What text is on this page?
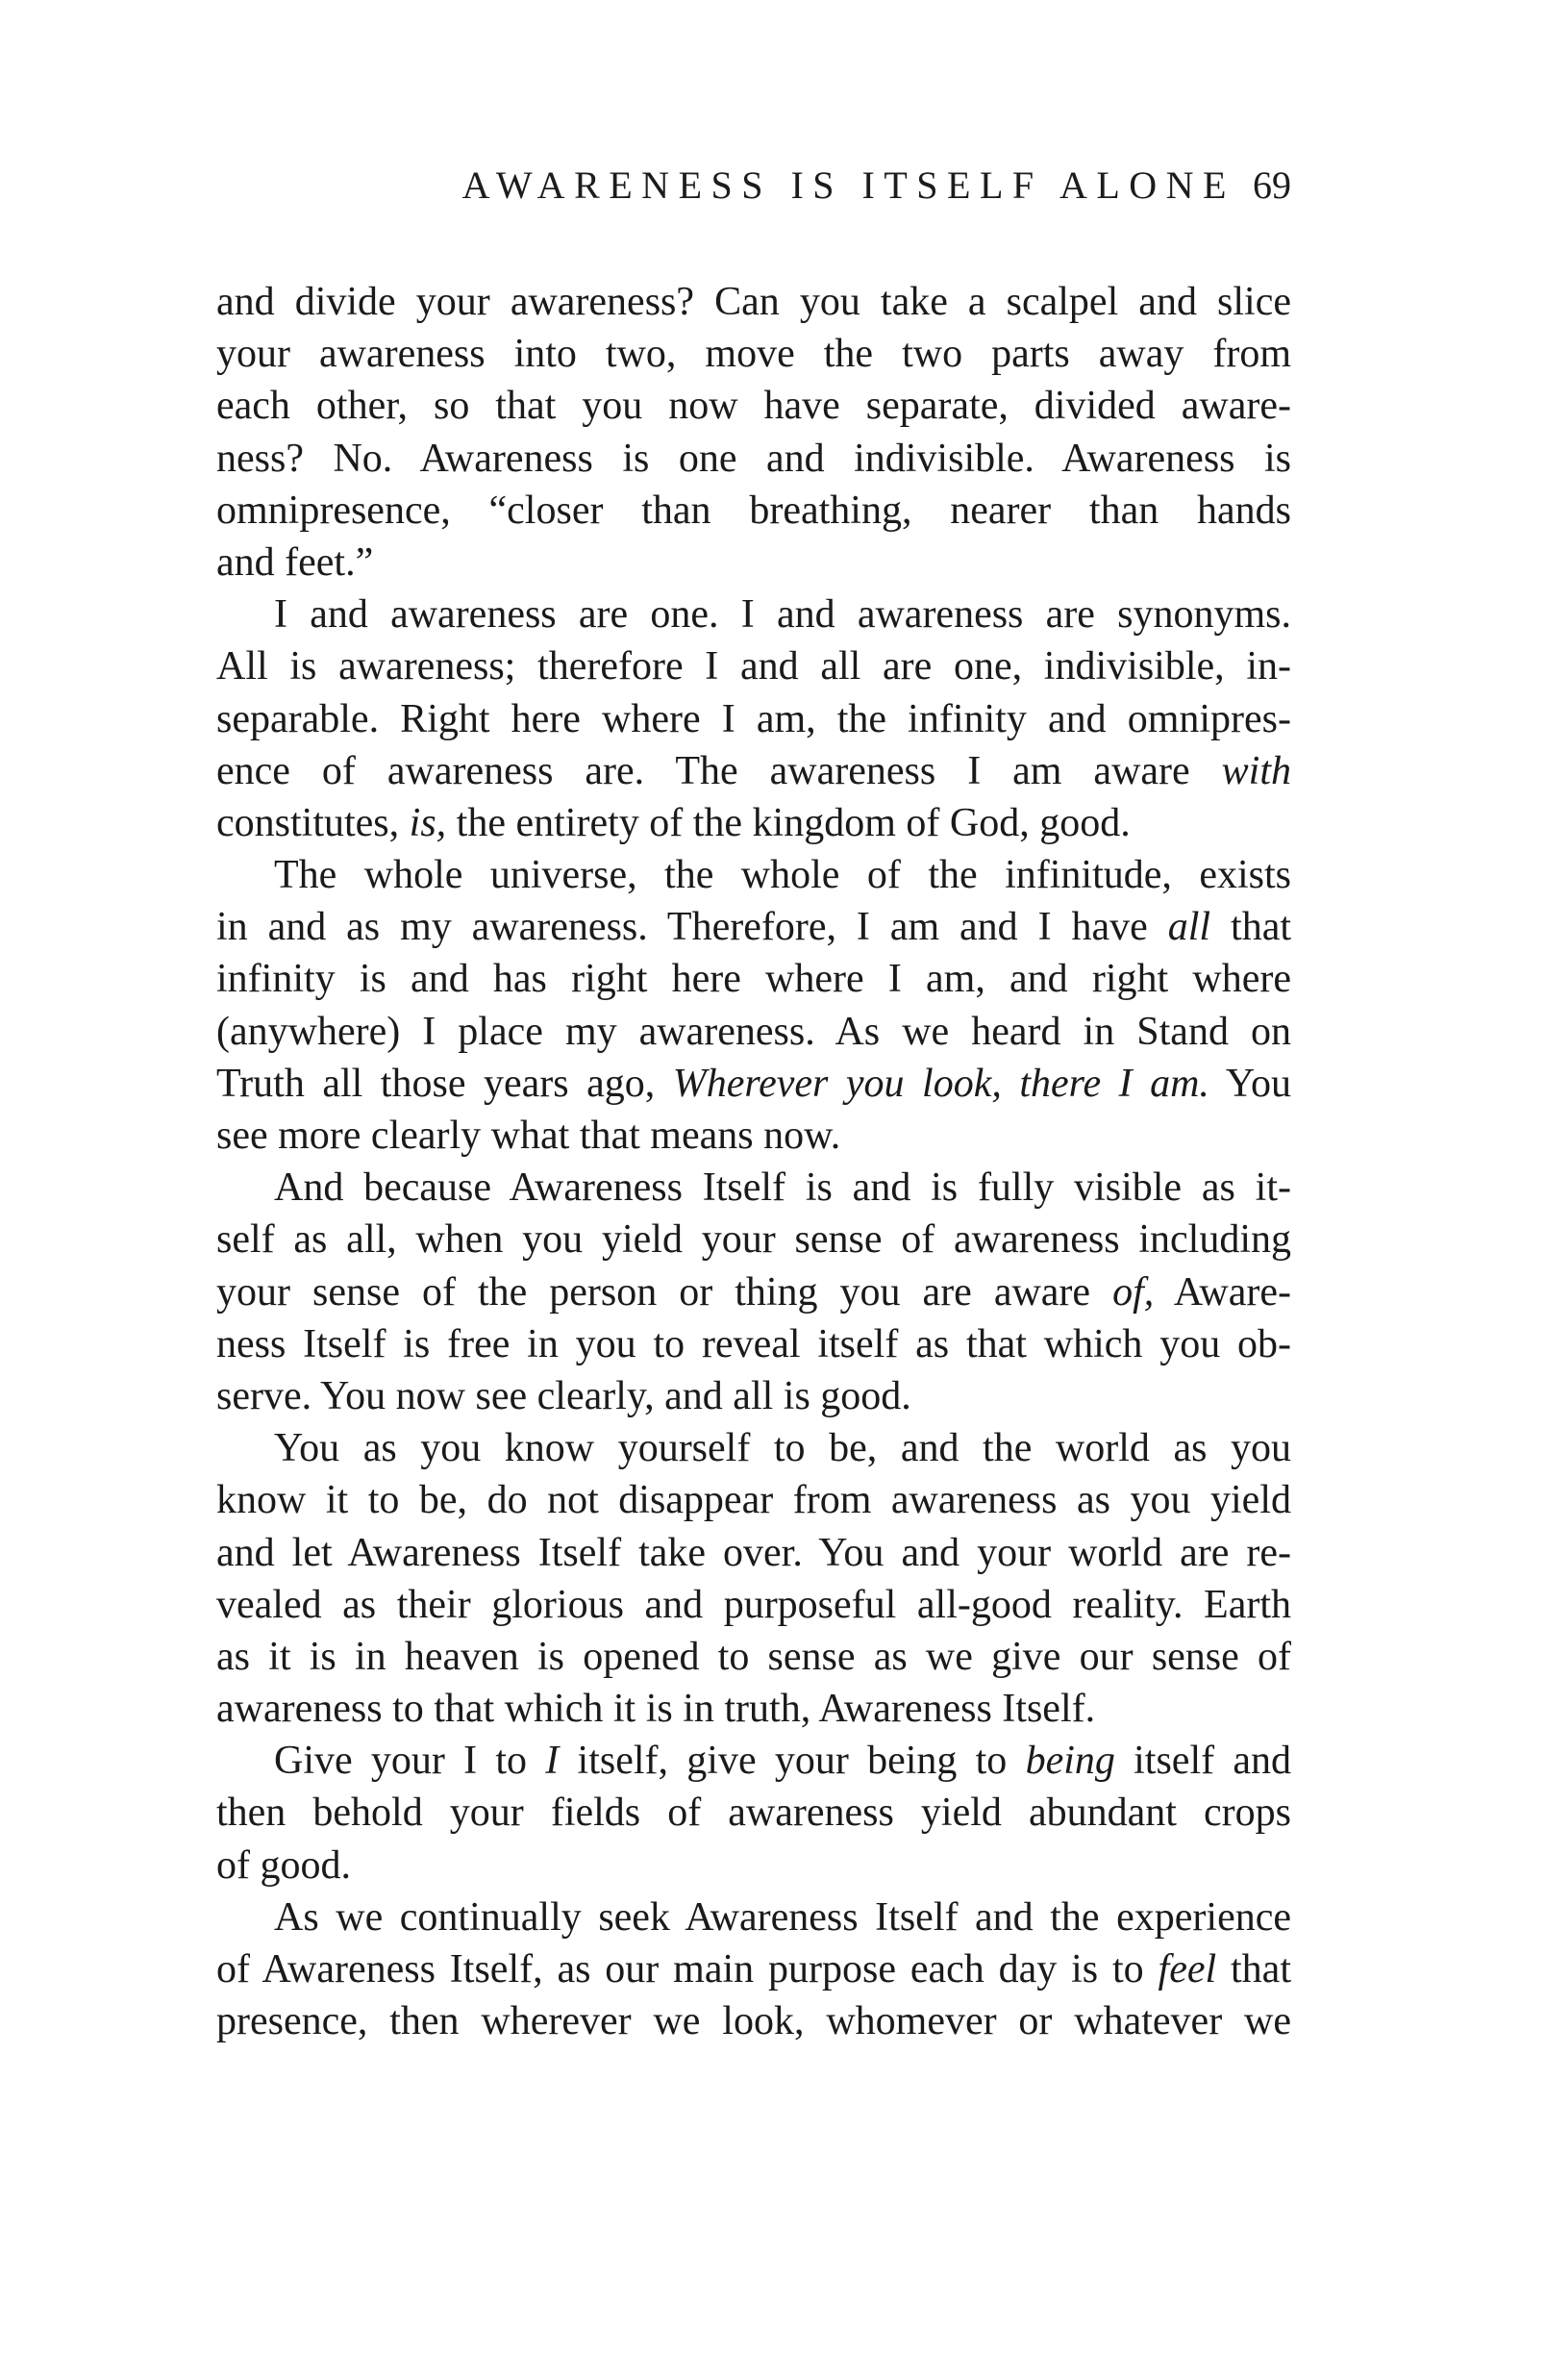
AWARENESS IS ITSELF ALONE 69
and divide your awareness? Can you take a scalpel and slice
your awareness into two, move the two parts away from
each other, so that you now have separate, divided aware-
ness? No. Awareness is one and indivisible. Awareness is
omnipresence, “closer than breathing, nearer than hands
and feet.”
I and awareness are one. I and awareness are synonyms.
All is awareness; therefore I and all are one, indivisible, in-
separable. Right here where I am, the infinity and omnipres-
ence of awareness are. The awareness I am aware with
constitutes, is, the entirety of the kingdom of God, good.
The whole universe, the whole of the infinitude, exists
in and as my awareness. Therefore, I am and I have all that
infinity is and has right here where I am, and right where
(anywhere) I place my awareness. As we heard in Stand on
Truth all those years ago, Wherever you look, there I am. You
see more clearly what that means now.
And because Awareness Itself is and is fully visible as it-
self as all, when you yield your sense of awareness including
your sense of the person or thing you are aware of, Aware-
ness Itself is free in you to reveal itself as that which you ob-
serve. You now see clearly, and all is good.
You as you know yourself to be, and the world as you
know it to be, do not disappear from awareness as you yield
and let Awareness Itself take over. You and your world are re-
vealed as their glorious and purposeful all-good reality. Earth
as it is in heaven is opened to sense as we give our sense of
awareness to that which it is in truth, Awareness Itself.
Give your I to I itself, give your being to being itself and
then behold your fields of awareness yield abundant crops
of good.
As we continually seek Awareness Itself and the experience
of Awareness Itself, as our main purpose each day is to feel that
presence, then wherever we look, whomever or whatever we
